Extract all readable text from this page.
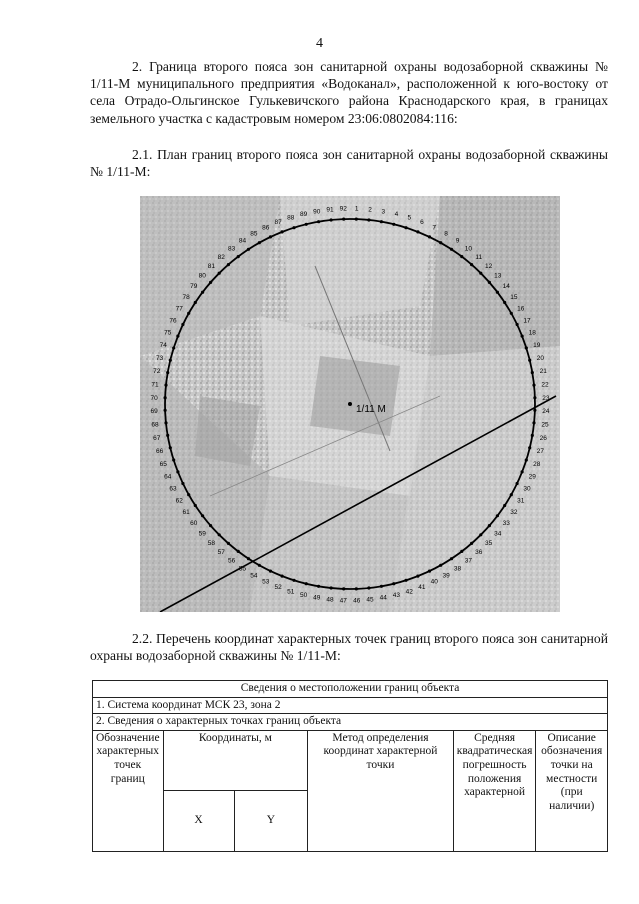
4
2. Граница второго пояса зон санитарной охраны водозаборной скважины № 1/11-М муниципального предприятия «Водоканал», расположенной к юго-востоку от села Отрадо-Ольгинское Гулькевичского района Краснодарского края, в границах земельного участка с кадастровым номером 23:06:0802084:116:
2.1. План границ второго пояса зон санитарной охраны водозаборной скважины № 1/11-М:
1/11 М
1 2 3 4
5
6
7
8
9
10
11
12
13
14
15
16
17
18
19
20
21
22
23
24
25
26
27
28
29
30
31
32
33
34
35
36
37
38
39
40
41
42
43
44
45
46
47
48
49
50
51
52
53
54
55
56
57
58
59
60
61
62
63
64
65
66
67
68
69
70
71
72
73
74
75
76
77
78
79
80
81
82
83
84
85
86
87
88
89 90 91 92
2.2. Перечень координат характерных точек границ второго пояса зон санитарной охраны водозаборной скважины № 1/11-М:
Сведения о местоположении границ объекта					
1. Система координат МСК 23, зона 2					
2. Сведения о характерных точках границ объекта					
Обозначение характерных точек границ	Координаты, м		Метод определения координат характерной точки	Средняя квадратическая погрешность положения характерной	Описание обозначения точки на местности (при наличии)
	X	Y			
